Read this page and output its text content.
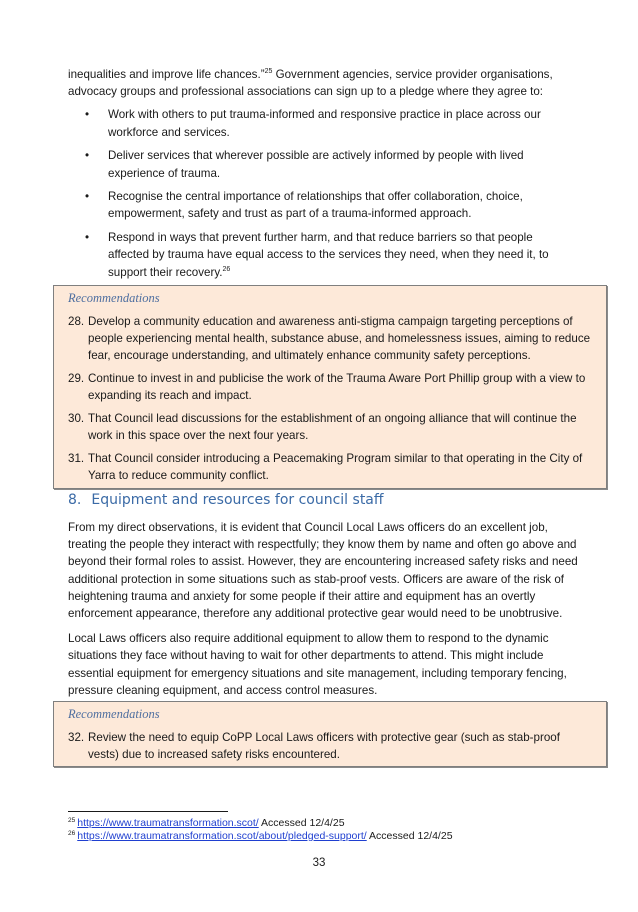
inequalities and improve life chances.”$^{25}$ Government agencies, service provider organisations, advocacy groups and professional associations can sign up to a pledge where they agree to:

• Work with others to put trauma-informed and responsive practice in place across our workforce and services.
• Deliver services that wherever possible are actively informed by people with lived experience of trauma.
• Recognise the central importance of relationships that offer collaboration, choice, empowerment, safety and trust as part of a trauma-informed approach.
• Respond in ways that prevent further harm, and that reduce barriers so that people affected by trauma have equal access to the services they need, when they need it, to support their recovery.$^{26}$
Recommendations
28. Develop a community education and awareness anti-stigma campaign targeting perceptions of people experiencing mental health, substance abuse, and homelessness issues, aiming to reduce fear, encourage understanding, and ultimately enhance community safety perceptions.
29. Continue to invest in and publicise the work of the Trauma Aware Port Phillip group with a view to expanding its reach and impact.
30. That Council lead discussions for the establishment of an ongoing alliance that will continue the work in this space over the next four years.
31. That Council consider introducing a Peacemaking Program similar to that operating in the City of Yarra to reduce community conflict.
8. Equipment and resources for council staff

From my direct observations, it is evident that Council Local Laws officers do an excellent job, treating the people they interact with respectfully; they know them by name and often go above and beyond their formal roles to assist. However, they are encountering increased safety risks and need additional protection in some situations such as stab-proof vests. Officers are aware of the risk of heightening trauma and anxiety for some people if their attire and equipment has an overtly enforcement appearance, therefore any additional protective gear would need to be unobtrusive.

Local Laws officers also require additional equipment to allow them to respond to the dynamic situations they face without having to wait for other departments to attend. This might include essential equipment for emergency situations and site management, including temporary fencing, pressure cleaning equipment, and access control measures.

Recommendations
32. Review the need to equip CoPP Local Laws officers with protective gear (such as stab-proof vests) due to increased safety risks encountered.
$^{25}$ https://www.traumatransformation.scot/ Accessed 12/4/25
$^{26}$ https://www.traumatransformation.scot/about/pledged-support/ Accessed 12/4/25
33
